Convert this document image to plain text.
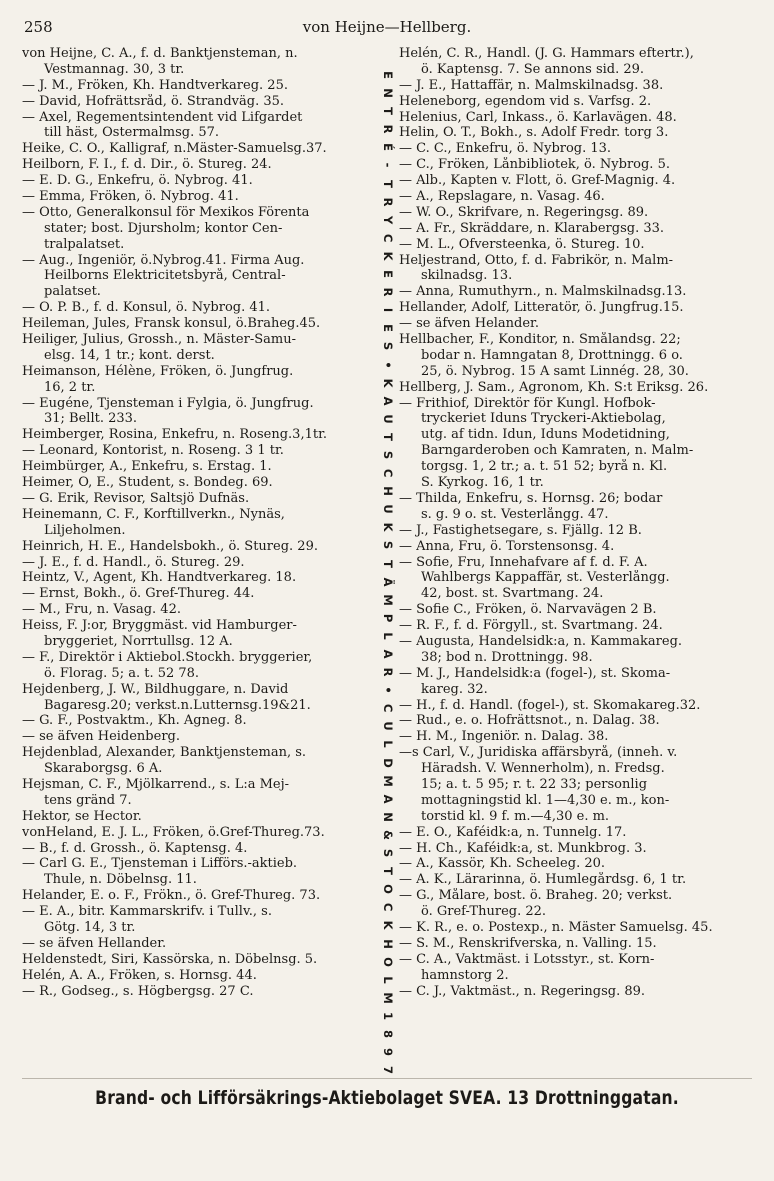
258	von Heijne—Hellberg.
von Heijne, C. A., f. d. Banktjensteman, n.
Vestmannag. 30, 3 tr.
— J. M., Fröken, Kh. Handtverkareg. 25.
— David, Hofrättsråd, ö. Strandväg. 35.
— Axel, Regementsintendent vid Lifgardet
till häst, Östermalmsg. 57.
Heike, C. O., Kalligraf, n.Mäster-Samuelsg.37.
Heilborn, F. I., f. d. Dir., ö. Stureg. 24.
— E. D. G., Enkefru, ö. Nybrog. 41.
— Emma, Fröken, ö. Nybrog. 41.
— Otto, Generalkonsul för Mexikos Förenta
stater; bost. Djursholm; kontor Cen-
tralpalatset.
— Aug., Ingeniör, ö.Nybrog.41. Firma Aug.
Heilborns Elektricitetsbyrå, Central-
palatset.
— O. P. B., f. d. Konsul, ö. Nybrog. 41.
Heileman, Jules, Fransk konsul, ö.Braheg.45.
Heiliger, Julius, Grossh., n. Mäster-Samu-
elsg. 14, 1 tr.; kont. derst.
Heimanson, Hélène, Fröken, ö. Jungfrug.
16, 2 tr.
— Eugéne, Tjensteman i Fylgia, ö. Jungfrug.
31; Bellt. 233.
Heimberger, Rosina, Enkefru, n. Roseng.3,1tr.
— Leonard, Kontorist, n. Roseng. 3 1 tr.
Heimbürger, A., Enkefru, s. Erstag. 1.
Heimer, O, E., Student, s. Bondeg. 69.
— G. Erik, Revisor, Saltsjö Dufnäs.
Heinemann, C. F., Korftillverkn., Nynäs,
Liljeholmen.
Heinrich, H. E., Handelsbokh., ö. Stureg. 29.
— J. E., f. d. Handl., ö. Stureg. 29.
Heintz, V., Agent, Kh. Handtverkareg. 18.
— Ernst, Bokh., ö. Gref-Thureg. 44.
— M., Fru, n. Vasag. 42.
Heiss, F. J:or, Bryggmäst. vid Hamburger-
bryggeriet, Norrtullsg. 12 A.
— F., Direktör i Aktiebol.Stockh. bryggerier,
ö. Florag. 5; a. t. 52 78.
Hejdenberg, J. W., Bildhuggare, n. David
Bagaresg.20; verkst.n.Lutternsg.19&21.
— G. F., Postvaktm., Kh. Agneg. 8.
— se äfven Heidenberg.
Hejdenblad, Alexander, Banktjensteman, s.
Skaraborgsg. 6 A.
Hejsman, C. F., Mjölkarrend., s. L:a Mej-
tens gränd 7.
Hektor, se Hector.
vonHeland, E. J. L., Fröken, ö.Gref-Thureg.73.
— B., f. d. Grossh., ö. Kaptensg. 4.
— Carl G. E., Tjensteman i Lifförs.-aktieb.
Thule, n. Döbelnsg. 11.
Helander, E. o. F., Frökn., ö. Gref-Thureg. 73.
— E. A., bitr. Kammarskrifv. i Tullv., s.
Götg. 14, 3 tr.
— se äfven Hellander.
Heldenstedt, Siri, Kassörska, n. Döbelnsg. 5.
Helén, A. A., Fröken, s. Hornsg. 44.
— R., Godseg., s. Högbergsg. 27 C.
E
N
T
R
É
-
T
R
Y
C
K
E
R
I
E
S
•
K
A
U
T
S
C
H
U
K
S
T
Ä
M
P
L
A
R
•
C
U
L
D
M
A
N
&
S
T
O
C
K
H
O
L
M
1
8
9
7
Helén, C. R., Handl. (J. G. Hammars eftertr.),
ö. Kaptensg. 7. Se annons sid. 29.
— J. E., Hattaffär, n. Malmskilnadsg. 38.
Heleneborg, egendom vid s. Varfsg. 2.
Helenius, Carl, Inkass., ö. Karlavägen. 48.
Helin, O. T., Bokh., s. Adolf Fredr. torg 3.
— C. C., Enkefru, ö. Nybrog. 13.
— C., Fröken, Lånbibliotek, ö. Nybrog. 5.
— Alb., Kapten v. Flott, ö. Gref-Magnig. 4.
— A., Repslagare, n. Vasag. 46.
— W. O., Skrifvare, n. Regeringsg. 89.
— A. Fr., Skräddare, n. Klarabergsg. 33.
— M. L., Öfversteenka, ö. Stureg. 10.
Heljestrand, Otto, f. d. Fabrikör, n. Malm-
skilnadsg. 13.
— Anna, Rumuthyrn., n. Malmskilnadsg.13.
Hellander, Adolf, Litteratör, ö. Jungfrug.15.
— se äfven Helander.
Hellbacher, F., Konditor, n. Smålandsg. 22;
bodar n. Hamngatan 8, Drottningg. 6 o.
25, ö. Nybrog. 15 A samt Linnég. 28, 30.
Hellberg, J. Sam., Agronom, Kh. S:t Eriksg. 26.
— Frithiof, Direktör för Kungl. Hofbok-
tryckeriet Iduns Tryckeri-Aktiebolag,
utg. af tidn. Idun, Iduns Modetidning,
Barngarderoben och Kamraten, n. Malm-
torgsg. 1, 2 tr.; a. t. 51 52; byrå n. Kl.
S. Kyrkog. 16, 1 tr.
— Thilda, Enkefru, s. Hornsg. 26; bodar
s. g. 9 o. st. Vesterlångg. 47.
— J., Fastighetsegare, s. Fjällg. 12 B.
— Anna, Fru, ö. Torstensonsg. 4.
— Sofie, Fru, Innehafvare af f. d. F. A.
Wahlbergs Kappaffär, st. Vesterlångg.
42, bost. st. Svartmang. 24.
— Sofie C., Fröken, ö. Narvavägen 2 B.
— R. F., f. d. Förgyll., st. Svartmang. 24.
— Augusta, Handelsidk:a, n. Kammakareg.
38; bod n. Drottningg. 98.
— M. J., Handelsidk:a (fogel-), st. Skoma-
kareg. 32.
— H., f. d. Handl. (fogel-), st. Skomakareg.32.
— Rud., e. o. Hofrättsnot., n. Dalag. 38.
— H. M., Ingeniör. n. Dalag. 38.
—s Carl, V., Juridiska affärsbyrå, (inneh. v.
Häradsh. V. Wennerholm), n. Fredsg.
15; a. t. 5 95; r. t. 22 33; personlig
mottagningstid kl. 1—4,30 e. m., kon-
torstid kl. 9 f. m.—4,30 e. m.
— E. O., Kaféidk:a, n. Tunnelg. 17.
— H. Ch., Kaféidk:a, st. Munkbrog. 3.
— A., Kassör, Kh. Scheeleg. 20.
— A. K., Lärarinna, ö. Humlegårdsg. 6, 1 tr.
— G., Målare, bost. ö. Braheg. 20; verkst.
ö. Gref-Thureg. 22.
— K. R., e. o. Postexp., n. Mäster Samuelsg. 45.
— S. M., Renskrifverska, n. Valling. 15.
— C. A., Vaktmäst. i Lotsstyr., st. Korn-
hamnstorg 2.
— C. J., Vaktmäst., n. Regeringsg. 89.
Brand- och Lifförsäkrings-Aktiebolaget SVEA. 13 Drottninggatan.
